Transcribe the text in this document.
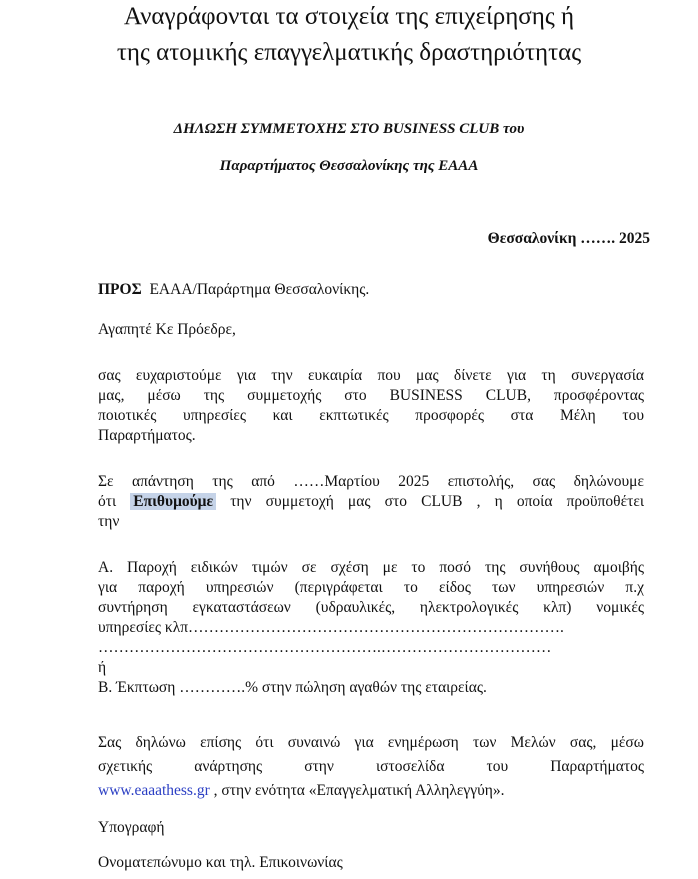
Αναγράφονται τα στοιχεία της επιχείρησης ή
της ατομικής επαγγελματικής δραστηριότητας
ΔΗΛΩΣΗ ΣΥΜΜΕΤΟΧΗΣ ΣΤΟ BUSINESS CLUB του
Παραρτήματος Θεσσαλονίκης της ΕΑΑΑ
Θεσσαλονίκη ……. 2025
ΠΡΟΣ ΕΑΑΑ/Παράρτημα Θεσσαλονίκης.
Αγαπητέ Κε Πρόεδρε,
σας ευχαριστούμε για την ευκαιρία που μας δίνετε για τη συνεργασία
μας, μέσω της συμμετοχής στο BUSINESS CLUB, προσφέροντας
ποιοτικές υπηρεσίες και εκπτωτικές προσφορές στα Μέλη του
Παραρτήματος.
Σε απάντηση της από ……Μαρτίου 2025 επιστολής, σας δηλώνουμε
ότι Επιθυμούμε την συμμετοχή μας στο CLUB , η οποία προϋποθέτει
την
Α. Παροχή ειδικών τιμών σε σχέση με το ποσό της συνήθους αμοιβής
για παροχή υπηρεσιών (περιγράφεται το είδος των υπηρεσιών π.χ
συντήρηση εγκαταστάσεων (υδραυλικές, ηλεκτρολογικές κλπ) νομικές
υπηρεσίες κλπ……………………………………………………………….
……………………………………………….……………………………
ή
Β. Έκπτωση ………….% στην πώληση αγαθών της εταιρείας.
Σας δηλώνω επίσης ότι συναινώ για ενημέρωση των Μελών σας, μέσω
σχετικής ανάρτησης στην ιστοσελίδα του Παραρτήματος
www.eaaathess.gr , στην ενότητα «Επαγγελματική Αλληλεγγύη».
Υπογραφή
Ονοματεπώνυμο και τηλ. Επικοινωνίας
